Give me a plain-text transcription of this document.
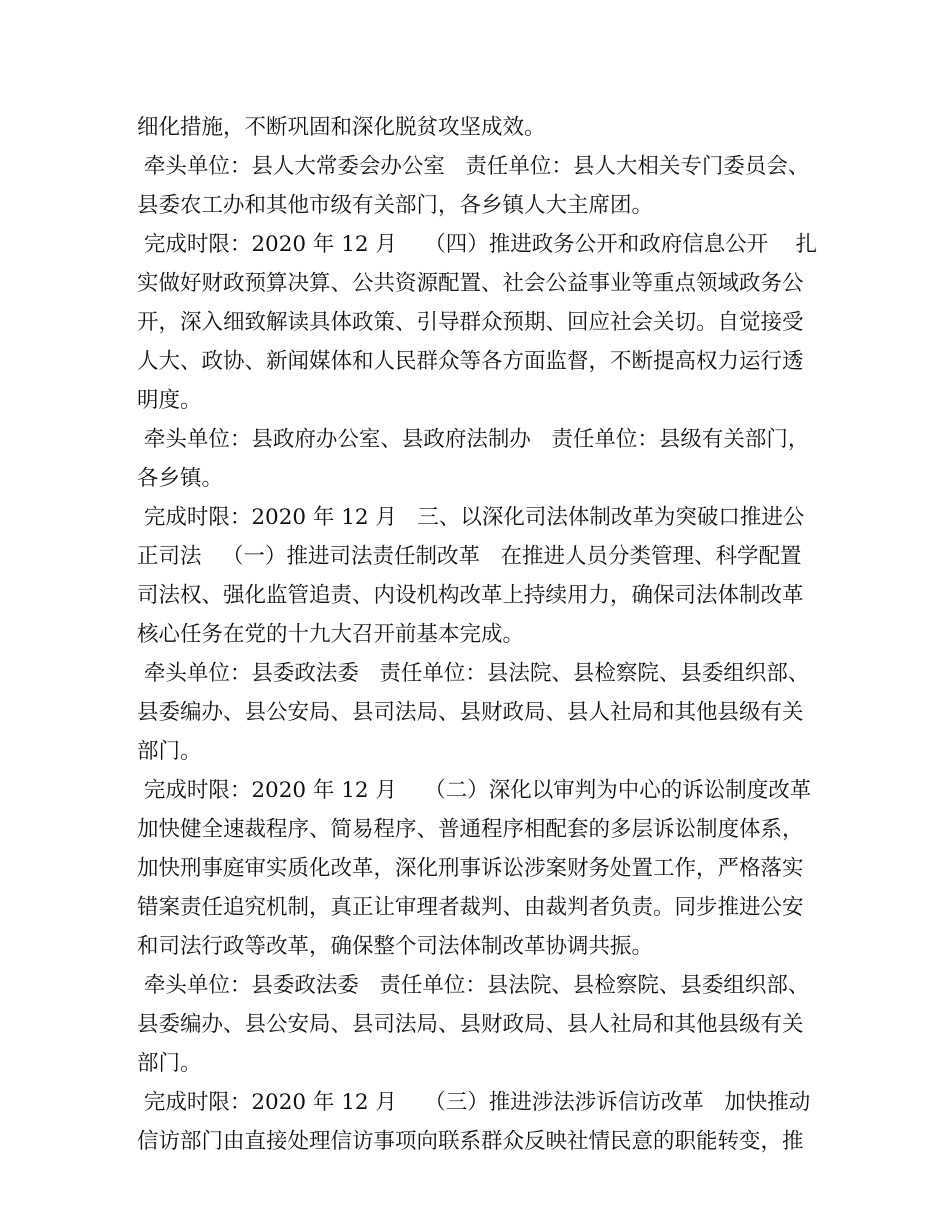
细化措施，不断巩固和深化脱贫攻坚成效。
牵头单位：县人大常委会办公室   责任单位：县人大相关专门委员会、
县委农工办和其他市级有关部门，各乡镇人大主席团。
完成时限：2020 年 12 月    （四）推进政务公开和政府信息公开    扎
实做好财政预算决算、公共资源配置、社会公益事业等重点领域政务公
开，深入细致解读具体政策、引导群众预期、回应社会关切。自觉接受
人大、政协、新闻媒体和人民群众等各方面监督，不断提高权力运行透
明度。
牵头单位：县政府办公室、县政府法制办   责任单位：县级有关部门，
各乡镇。
完成时限：2020 年 12 月   三、以深化司法体制改革为突破口推进公
正司法   （一）推进司法责任制改革   在推进人员分类管理、科学配置
司法权、强化监管追责、内设机构改革上持续用力，确保司法体制改革
核心任务在党的十九大召开前基本完成。
牵头单位：县委政法委   责任单位：县法院、县检察院、县委组织部、
县委编办、县公安局、县司法局、县财政局、县人社局和其他县级有关
部门。
完成时限：2020 年 12 月    （二）深化以审判为中心的诉讼制度改革
加快健全速裁程序、简易程序、普通程序相配套的多层诉讼制度体系，
加快刑事庭审实质化改革，深化刑事诉讼涉案财务处置工作，严格落实
错案责任追究机制，真正让审理者裁判、由裁判者负责。同步推进公安
和司法行政等改革，确保整个司法体制改革协调共振。
牵头单位：县委政法委   责任单位：县法院、县检察院、县委组织部、
县委编办、县公安局、县司法局、县财政局、县人社局和其他县级有关
部门。
完成时限：2020 年 12 月    （三）推进涉法涉诉信访改革   加快推动
信访部门由直接处理信访事项向联系群众反映社情民意的职能转变，推
